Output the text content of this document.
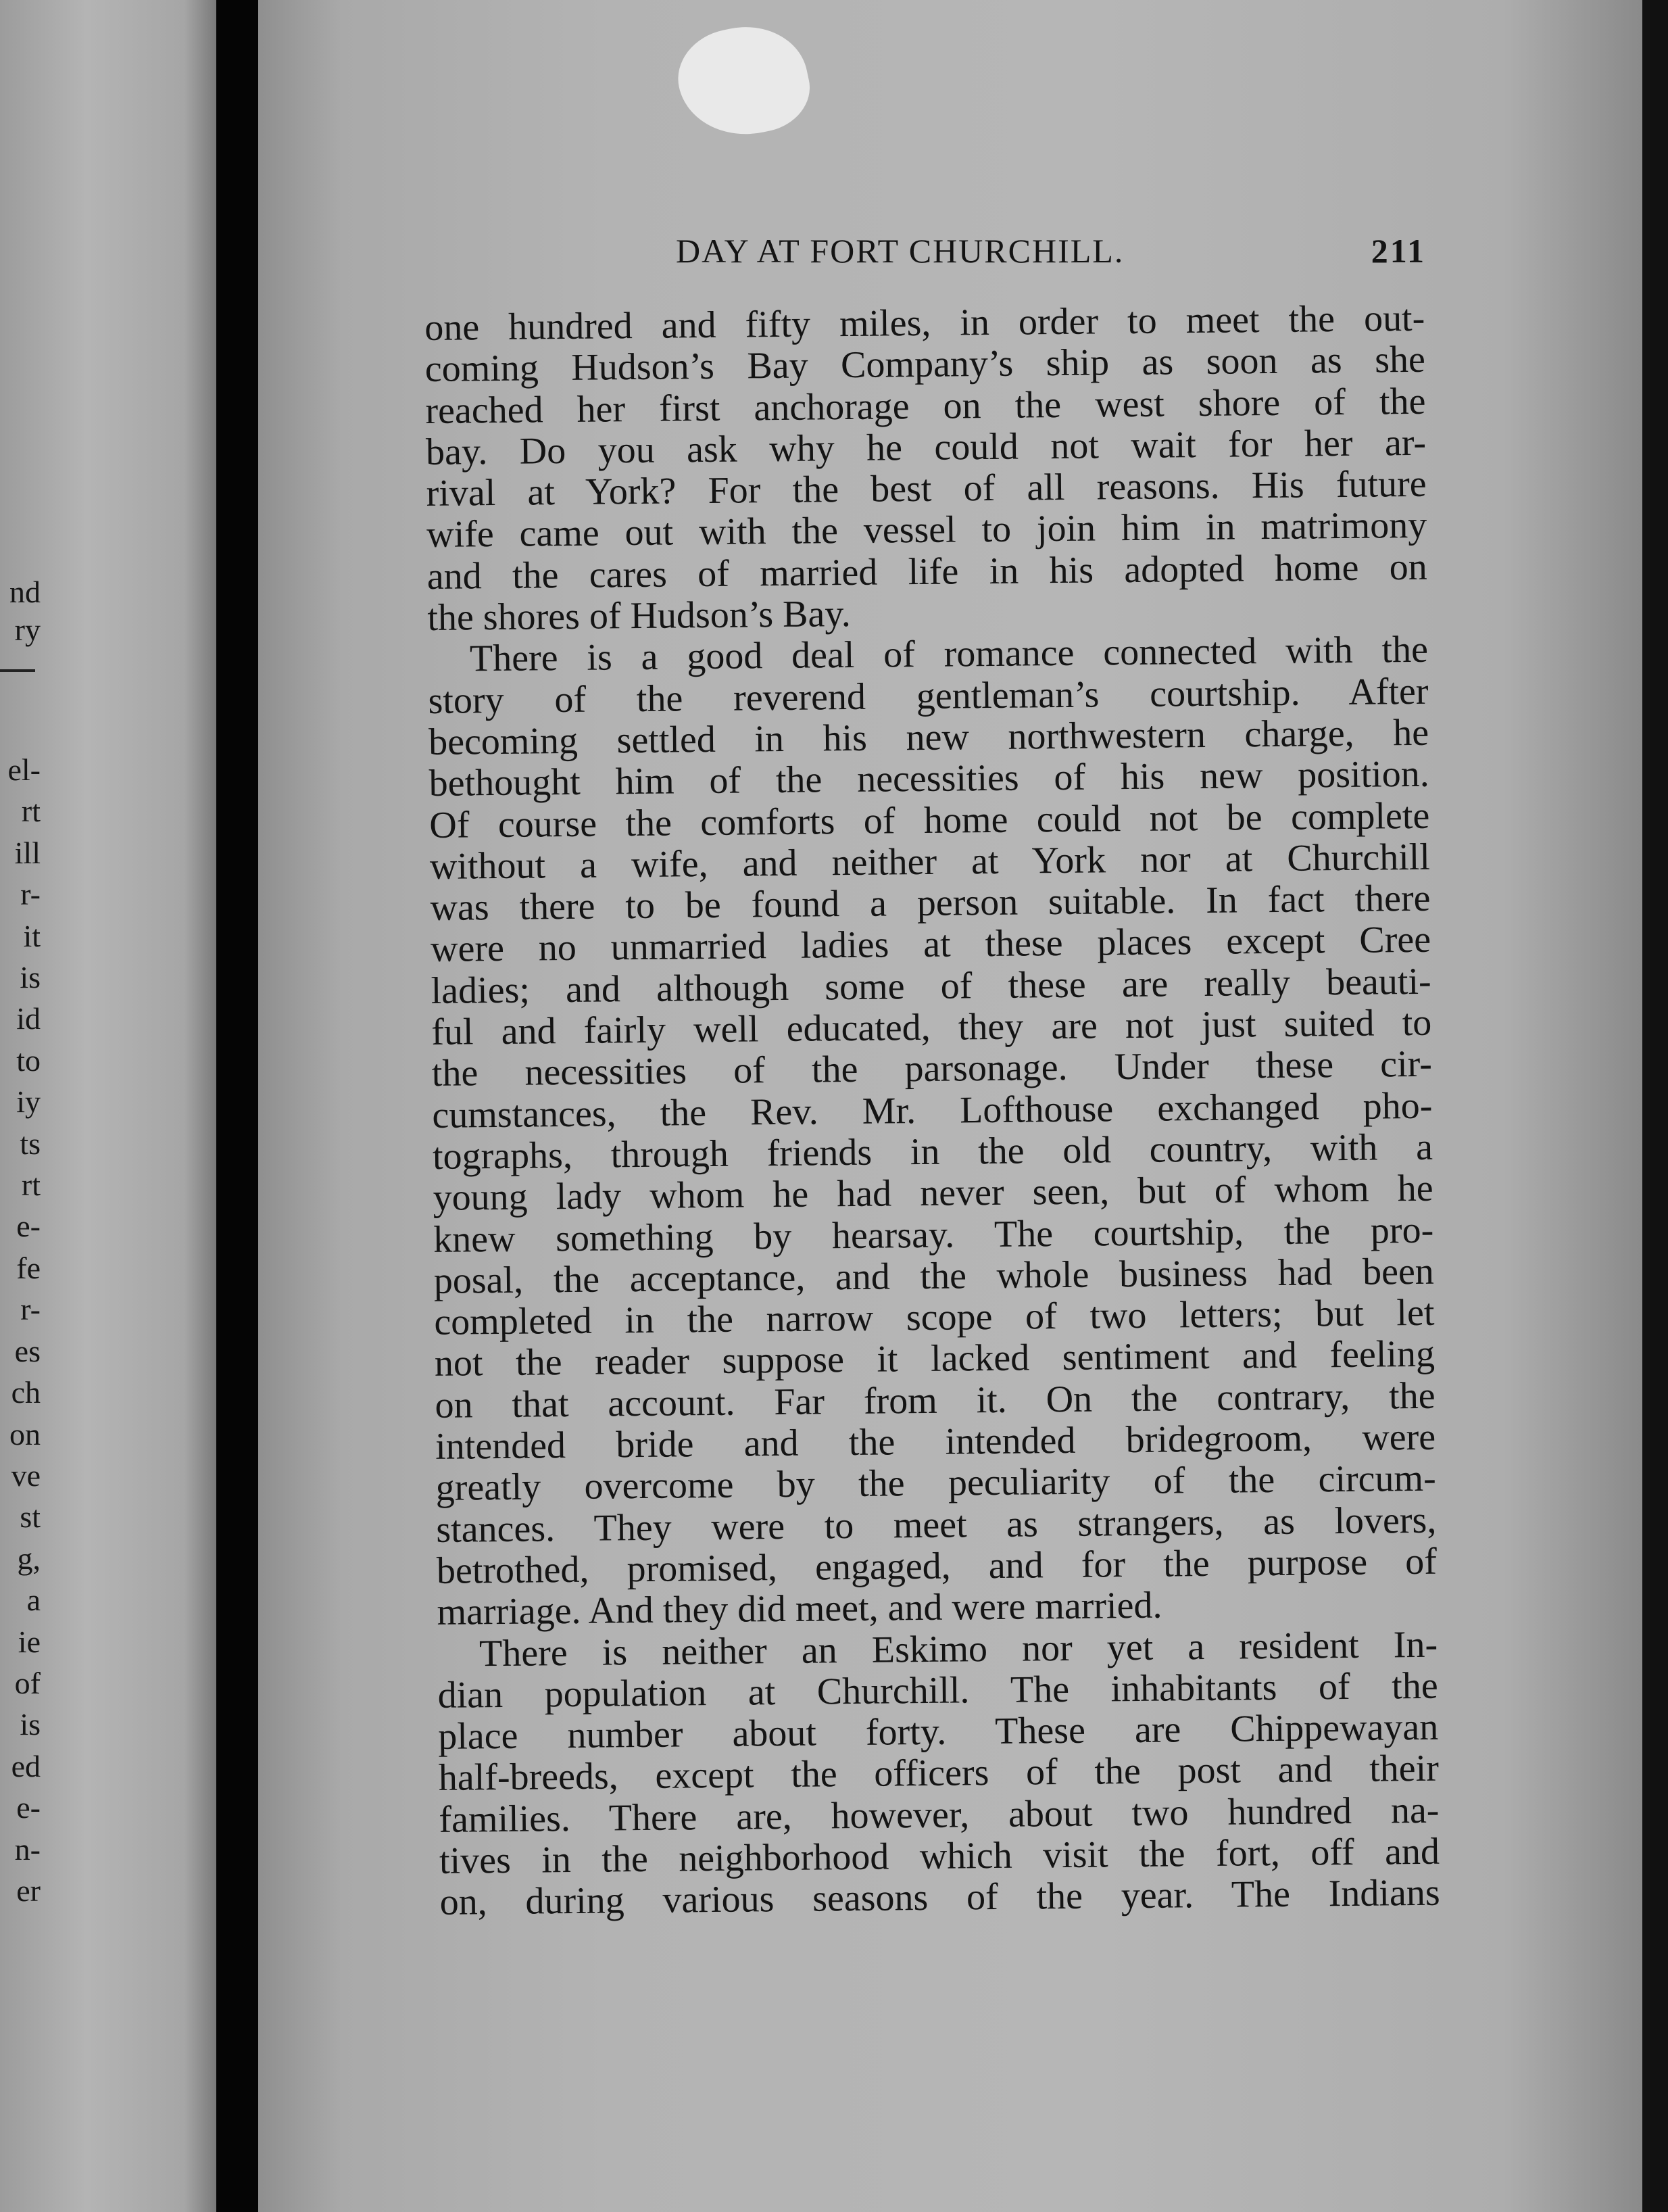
nd ry
el- rt ill r- it is id to iy ts rt e- fe r- es ch on ve st g, a ie of is ed e- n- er
DAY AT FORT CHURCHILL.	211
one hundred and fifty miles, in order to meet the out-
coming Hudson’s Bay Company’s ship as soon as she
reached her first anchorage on the west shore of the
bay. Do you ask why he could not wait for her ar-
rival at York? For the best of all reasons. His future
wife came out with the vessel to join him in matrimony
and the cares of married life in his adopted home on
the shores of Hudson’s Bay.
There is a good deal of romance connected with the
story of the reverend gentleman’s courtship. After
becoming settled in his new northwestern charge, he
bethought him of the necessities of his new position.
Of course the comforts of home could not be complete
without a wife, and neither at York nor at Churchill
was there to be found a person suitable. In fact there
were no unmarried ladies at these places except Cree
ladies; and although some of these are really beauti-
ful and fairly well educated, they are not just suited to
the necessities of the parsonage. Under these cir-
cumstances, the Rev. Mr. Lofthouse exchanged pho-
tographs, through friends in the old country, with a
young lady whom he had never seen, but of whom he
knew something by hearsay. The courtship, the pro-
posal, the acceptance, and the whole business had been
completed in the narrow scope of two letters; but let
not the reader suppose it lacked sentiment and feeling
on that account. Far from it. On the contrary, the
intended bride and the intended bridegroom, were
greatly overcome by the peculiarity of the circum-
stances. They were to meet as strangers, as lovers,
betrothed, promised, engaged, and for the purpose of
marriage. And they did meet, and were married.
There is neither an Eskimo nor yet a resident In-
dian population at Churchill. The inhabitants of the
place number about forty. These are Chippewayan
half-breeds, except the officers of the post and their
families. There are, however, about two hundred na-
tives in the neighborhood which visit the fort, off and
on, during various seasons of the year. The Indians
